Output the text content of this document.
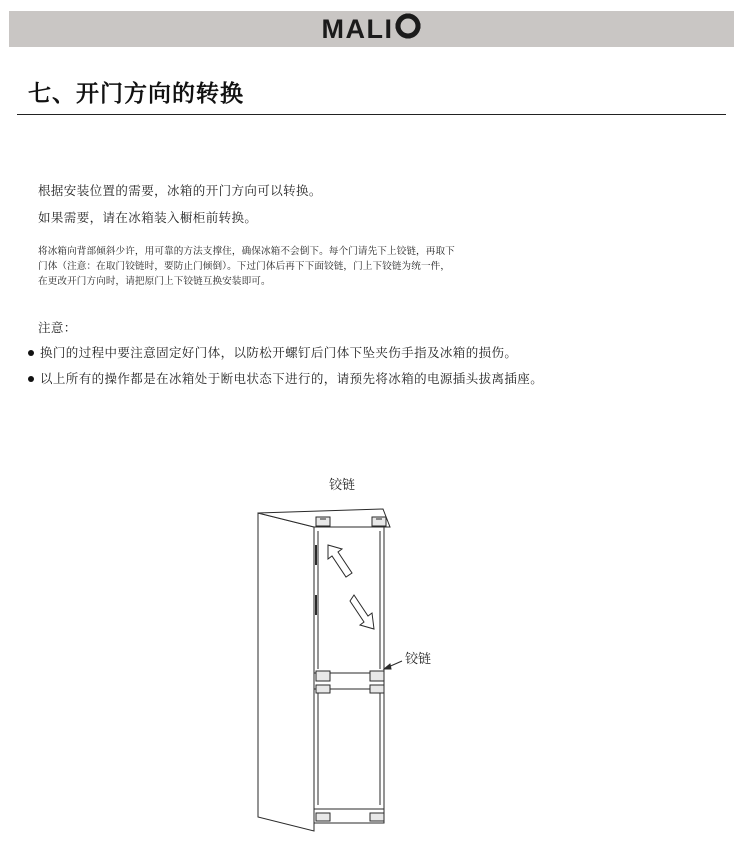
MALI
七、开门方向的转换

根据安装位置的需要，冰箱的开门方向可以转换。

如果需要，请在冰箱装入橱柜前转换。

将冰箱向背部倾斜少许，用可靠的方法支撑住，确保冰箱不会倒下。每个门请先下上铰链，再取下

门体（注意：在取门铰链时，要防止门倾倒）。下过门体后再下下面铰链，门上下铰链为统一件，

在更改开门方向时，请把原门上下铰链互换安装即可。

注意：

换门的过程中要注意固定好门体，以防松开螺钉后门体下坠夹伤手指及冰箱的损伤。

以上所有的操作都是在冰箱处于断电状态下进行的，请预先将冰箱的电源插头拔离插座。

铰链
铰链
